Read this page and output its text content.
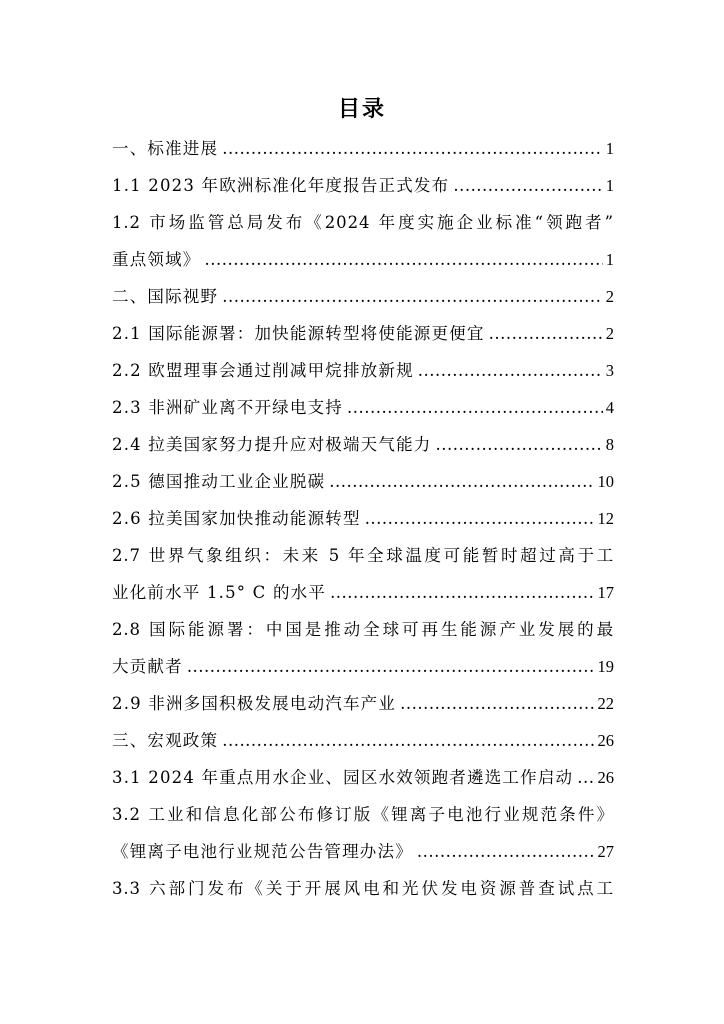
目录
一、标准进展 .....	1
1.1 2023 年欧洲标准化年度报告正式发布 .....	1
1.2 市场监管总局发布《2024 年度实施企业标准“领跑者”
重点领域》 .....	1
二、国际视野 .....	2
2.1 国际能源署：加快能源转型将使能源更便宜 .....	2
2.2 欧盟理事会通过削减甲烷排放新规 .....	3
2.3 非洲矿业离不开绿电支持 .....	4
2.4 拉美国家努力提升应对极端天气能力 .....	8
2.5 德国推动工业企业脱碳 .....	10
2.6 拉美国家加快推动能源转型 .....	12
2.7 世界气象组织：未来 5 年全球温度可能暂时超过高于工
业化前水平 1.5° C 的水平 .....	17
2.8 国际能源署：中国是推动全球可再生能源产业发展的最
大贡献者 .....	19
2.9 非洲多国积极发展电动汽车产业 .....	22
三、宏观政策 .....	26
3.1 2024 年重点用水企业、园区水效领跑者遴选工作启动 ..... 26
3.2 工业和信息化部公布修订版《锂离子电池行业规范条件》
《锂离子电池行业规范公告管理办法》 .....	27
3.3 六部门发布《关于开展风电和光伏发电资源普查试点工
